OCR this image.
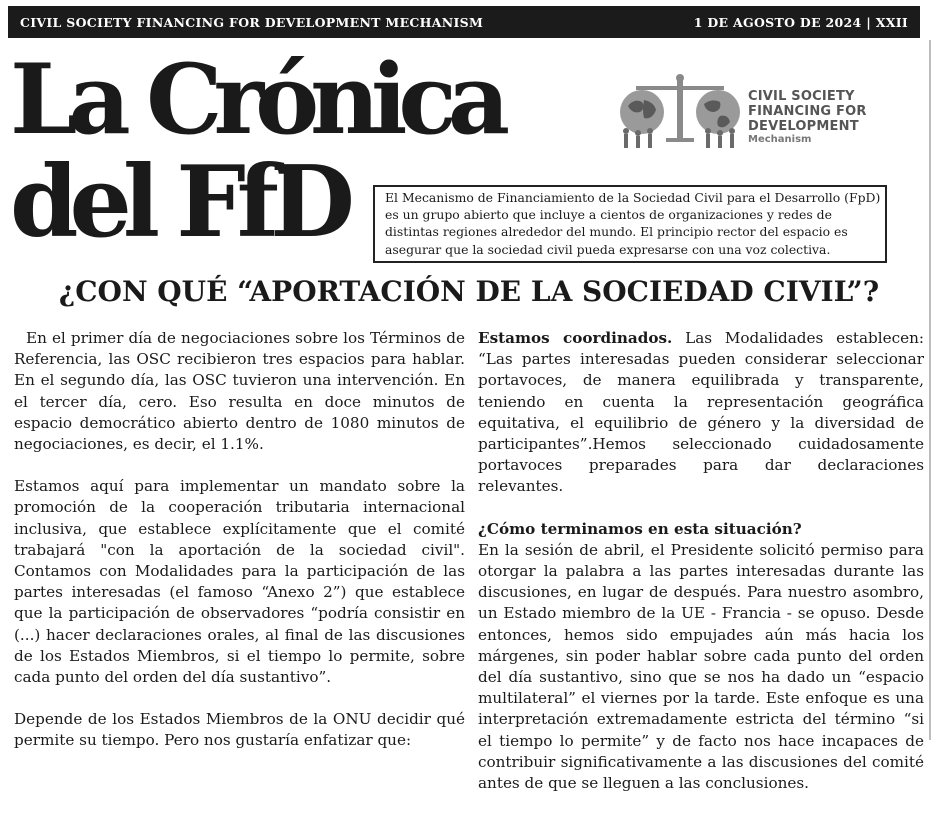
CIVIL SOCIETY FINANCING FOR DEVELOPMENT MECHANISM	1 DE AGOSTO DE 2024 | XXII
La Crónica
del FfD
CIVIL SOCIETY
FINANCING FOR
DEVELOPMENT
Mechanism
El Mecanismo de Financiamiento de la Sociedad Civil para el Desarrollo (FpD) es un grupo abierto que incluye a cientos de organizaciones y redes de distintas regiones alrededor del mundo. El principio rector del espacio es asegurar que la sociedad civil pueda expresarse con una voz colectiva.
¿CON QUÉ “APORTACIÓN DE LA SOCIEDAD CIVIL”?

En el primer día de negociaciones sobre los Términos de Referencia, las OSC recibieron tres espacios para hablar. En el segundo día, las OSC tuvieron una intervención. En el tercer día, cero. Eso resulta en doce minutos de espacio democrático abierto dentro de 1080 minutos de negociaciones, es decir, el 1.1%.

Estamos aquí para implementar un mandato sobre la promoción de la cooperación tributaria internacional inclusiva, que establece explícitamente que el comité trabajará "con la aportación de la sociedad civil". Contamos con Modalidades para la participación de las partes interesadas (el famoso “Anexo 2”) que establece que la participación de observadores “podría consistir en (...) hacer declaraciones orales, al final de las discusiones de los Estados Miembros, si el tiempo lo permite, sobre cada punto del orden del día sustantivo”.

Depende de los Estados Miembros de la ONU decidir qué permite su tiempo. Pero nos gustaría enfatizar que:

Estamos coordinados. Las Modalidades establecen: “Las partes interesadas pueden considerar seleccionar portavoces, de manera equilibrada y transparente, teniendo en cuenta la representación geográfica equitativa, el equilibrio de género y la diversidad de participantes”.Hemos seleccionado cuidadosamente portavoces preparades para dar declaraciones relevantes.

¿Cómo terminamos en esta situación?
En la sesión de abril, el Presidente solicitó permiso para otorgar la palabra a las partes interesadas durante las discusiones, en lugar de después. Para nuestro asombro, un Estado miembro de la UE - Francia - se opuso. Desde entonces, hemos sido empujades aún más hacia los márgenes, sin poder hablar sobre cada punto del orden del día sustantivo, sino que se nos ha dado un “espacio multilateral” el viernes por la tarde. Este enfoque es una interpretación extremadamente estricta del término “si el tiempo lo permite” y de facto nos hace incapaces de contribuir significativamente a las discusiones del comité antes de que se lleguen a las conclusiones.
